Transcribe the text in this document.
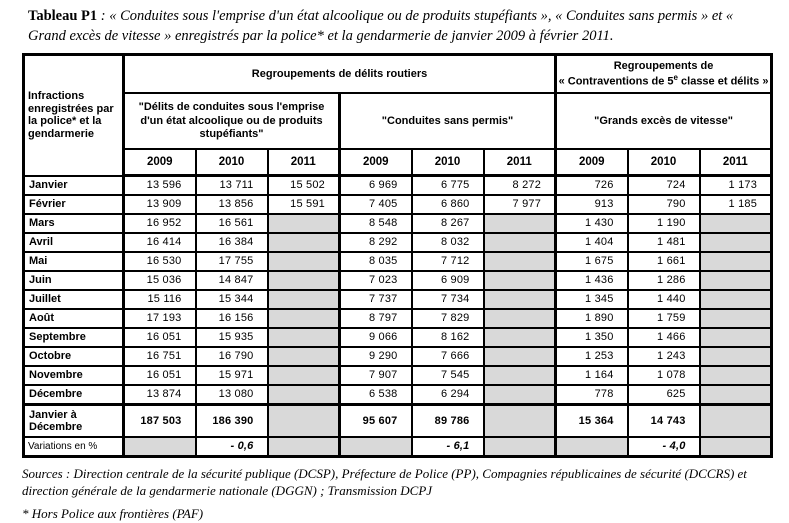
Tableau P1 : « Conduites sous l'emprise d'un état alcoolique ou de produits stupéfiants », « Conduites sans permis » et « Grand excès de vitesse » enregistrés par la police* et la gendarmerie de janvier 2009 à février 2011.

Infractions enregistrées par la police* et la gendarmerie	Regroupements de délits routiers						Regroupements de
« Contraventions de 5e classe et délits »		
	"Délits de conduites sous l'emprise d'un état alcoolique ou de produits stupéfiants"			"Conduites sans permis"			"Grands excès de vitesse"		
	2009	2010	2011	2009	2010	2011	2009	2010	2011
Janvier	13 596	13 711	15 502	6 969	6 775	8 272	726	724	1 173
Février	13 909	13 856	15 591	7 405	6 860	7 977	913	790	1 185
Mars	16 952	16 561		8 548	8 267		1 430	1 190	
Avril	16 414	16 384		8 292	8 032		1 404	1 481	
Mai	16 530	17 755		8 035	7 712		1 675	1 661	
Juin	15 036	14 847		7 023	6 909		1 436	1 286	
Juillet	15 116	15 344		7 737	7 734		1 345	1 440	
Août	17 193	16 156		8 797	7 829		1 890	1 759	
Septembre	16 051	15 935		9 066	8 162		1 350	1 466	
Octobre	16 751	16 790		9 290	7 666		1 253	1 243	
Novembre	16 051	15 971		7 907	7 545		1 164	1 078	
Décembre	13 874	13 080		6 538	6 294		778	625	
Janvier à Décembre	187 503	186 390		95 607	89 786		15 364	14 743	
Variations en %		- 0,6			- 6,1			- 4,0	
Sources : Direction centrale de la sécurité publique (DCSP), Préfecture de Police (PP), Compagnies républicaines de sécurité (DCCRS) et direction générale de la gendarmerie nationale (DGGN) ; Transmission DCPJ
* Hors Police aux frontières (PAF)
